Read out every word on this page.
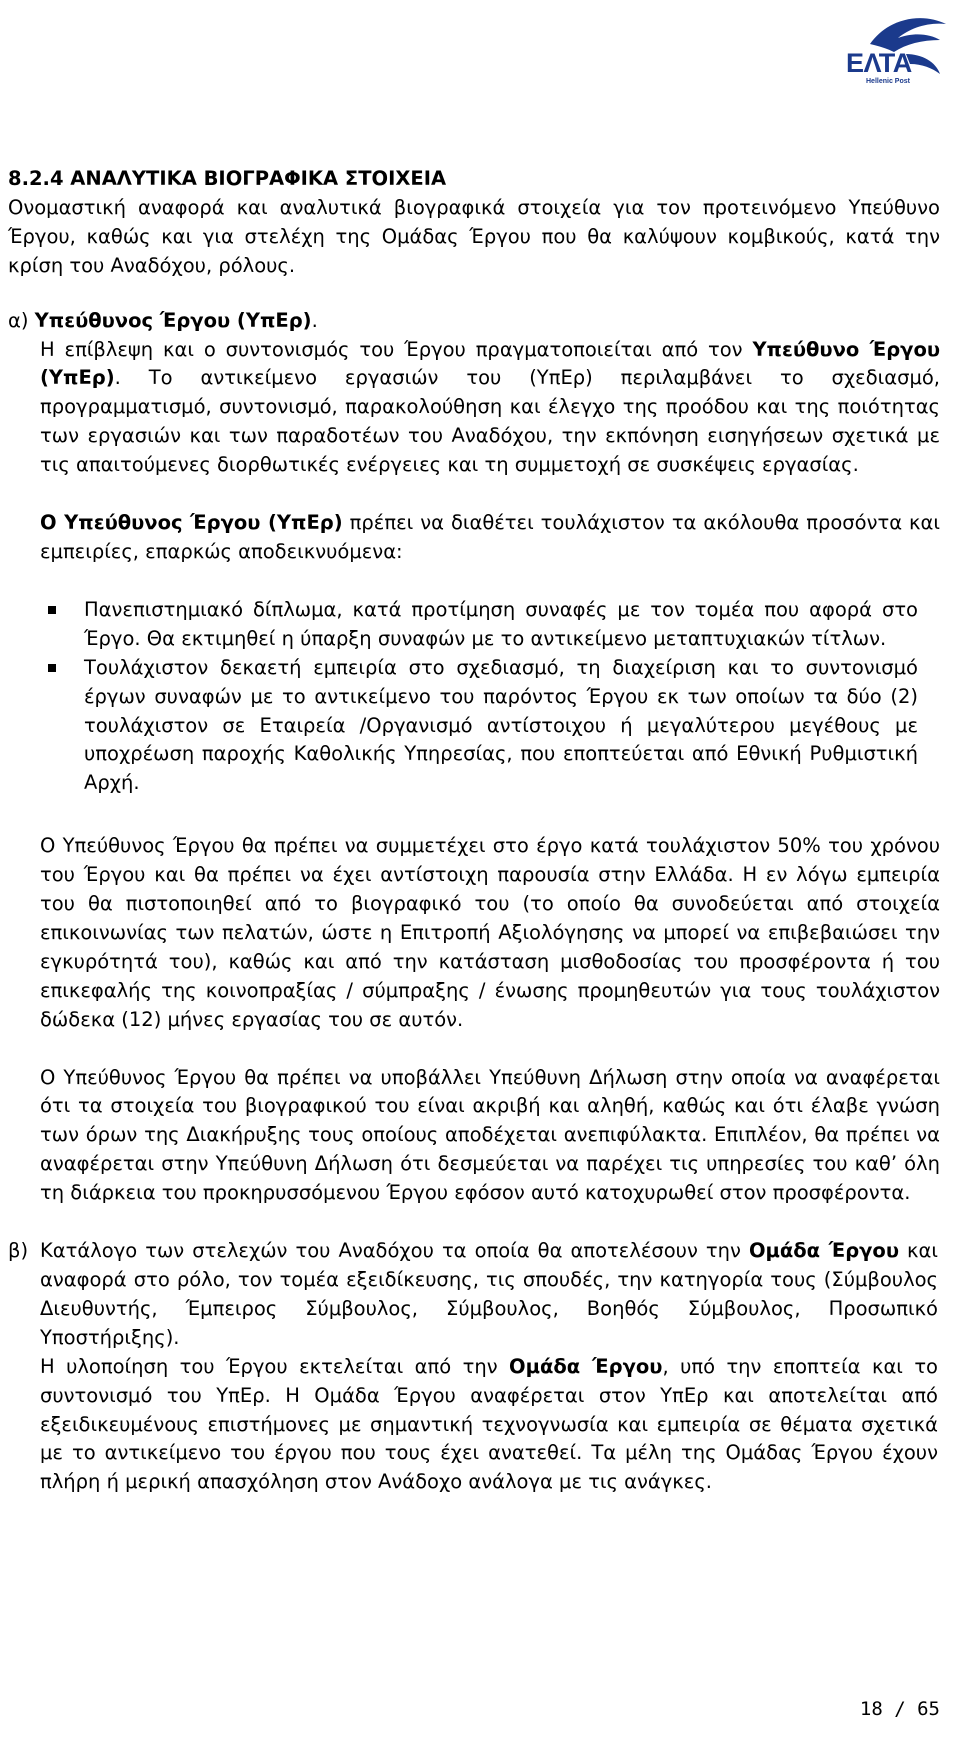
ΕΛΤΑ
Hellenic Post

8.2.4 ΑΝΑΛΥΤΙΚΑ ΒΙΟΓΡΑΦΙΚΑ ΣΤΟΙΧΕΙΑ

Ονομαστική αναφορά και αναλυτικά βιογραφικά στοιχεία για τον προτεινόμενο Υπεύθυνο Έργου, καθώς και για στελέχη της Ομάδας Έργου που θα καλύψουν κομβικούς, κατά την κρίση του Αναδόχου, ρόλους.

α) Υπεύθυνος Έργου (ΥπΕρ).

Η επίβλεψη και ο συντονισμός του Έργου πραγματοποιείται από τον Υπεύθυνο Έργου (ΥπΕρ). Το αντικείμενο εργασιών του (ΥπΕρ) περιλαμβάνει το σχεδιασμό, προγραμματισμό, συντονισμό, παρακολούθηση και έλεγχο της προόδου και της ποιότητας των εργασιών και των παραδοτέων του Αναδόχου, την εκπόνηση εισηγήσεων σχετικά με τις απαιτούμενες διορθωτικές ενέργειες και τη συμμετοχή σε συσκέψεις εργασίας.

Ο Υπεύθυνος Έργου (ΥπΕρ) πρέπει να διαθέτει τουλάχιστον τα ακόλουθα προσόντα και εμπειρίες, επαρκώς αποδεικνυόμενα:

Πανεπιστημιακό δίπλωμα, κατά προτίμηση συναφές με τον τομέα που αφορά στο Έργο. Θα εκτιμηθεί η ύπαρξη συναφών με το αντικείμενο μεταπτυχιακών τίτλων.
Τουλάχιστον δεκαετή εμπειρία στο σχεδιασμό, τη διαχείριση και το συντονισμό έργων συναφών με το αντικείμενο του παρόντος Έργου εκ των οποίων τα δύο (2) τουλάχιστον σε Εταιρεία /Οργανισμό αντίστοιχου ή μεγαλύτερου μεγέθους με υποχρέωση παροχής Καθολικής Υπηρεσίας, που εποπτεύεται από Εθνική Ρυθμιστική Αρχή.

Ο Υπεύθυνος Έργου θα πρέπει να συμμετέχει στο έργο κατά τουλάχιστον 50% του χρόνου του Έργου και θα πρέπει να έχει αντίστοιχη παρουσία στην Ελλάδα. Η εν λόγω εμπειρία του θα πιστοποιηθεί από το βιογραφικό του (το οποίο θα συνοδεύεται από στοιχεία επικοινωνίας των πελατών, ώστε η Επιτροπή Αξιολόγησης να μπορεί να επιβεβαιώσει την εγκυρότητά του), καθώς και από την κατάσταση μισθοδοσίας του προσφέροντα ή του επικεφαλής της κοινοπραξίας / σύμπραξης / ένωσης προμηθευτών για τους τουλάχιστον δώδεκα (12) μήνες εργασίας του σε αυτόν.

Ο Υπεύθυνος Έργου θα πρέπει να υποβάλλει Υπεύθυνη Δήλωση στην οποία να αναφέρεται ότι τα στοιχεία του βιογραφικού του είναι ακριβή και αληθή, καθώς και ότι έλαβε γνώση των όρων της Διακήρυξης τους οποίους αποδέχεται ανεπιφύλακτα. Επιπλέον, θα πρέπει να αναφέρεται στην Υπεύθυνη Δήλωση ότι δεσμεύεται να παρέχει τις υπηρεσίες του καθ’ όλη τη διάρκεια του προκηρυσσόμενου Έργου εφόσον αυτό κατοχυρωθεί στον προσφέροντα.

β) Κατάλογο των στελεχών του Αναδόχου τα οποία θα αποτελέσουν την Ομάδα Έργου και αναφορά στο ρόλο, τον τομέα εξειδίκευσης, τις σπουδές, την κατηγορία τους (Σύμβουλος Διευθυντής, Έμπειρος Σύμβουλος, Σύμβουλος, Βοηθός Σύμβουλος, Προσωπικό Υποστήριξης).

Η υλοποίηση του Έργου εκτελείται από την Ομάδα Έργου, υπό την εποπτεία και το συντονισμό του ΥπΕρ. Η Ομάδα Έργου αναφέρεται στον ΥπΕρ και αποτελείται από εξειδικευμένους επιστήμονες με σημαντική τεχνογνωσία και εμπειρία σε θέματα σχετικά με το αντικείμενο του έργου που τους έχει ανατεθεί. Τα μέλη της Ομάδας Έργου έχουν πλήρη ή μερική απασχόληση στον Ανάδοχο ανάλογα με τις ανάγκες.

18 / 65
